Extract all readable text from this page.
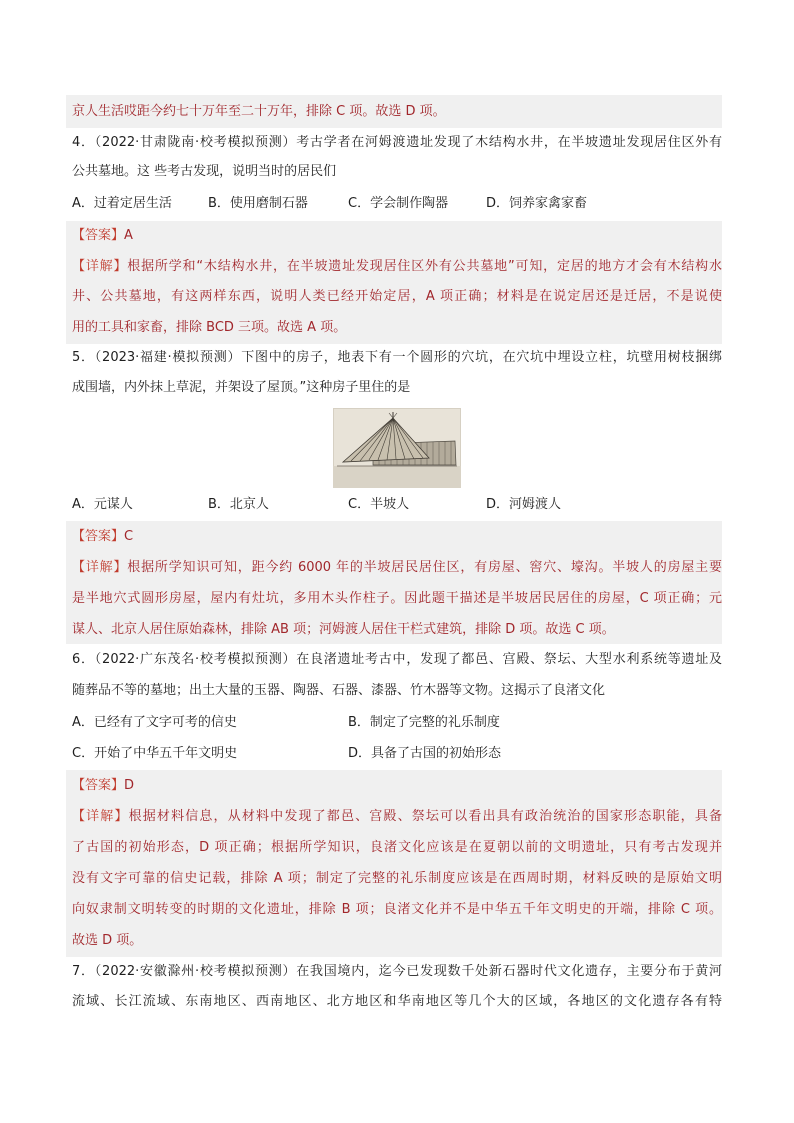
京人生活哎距今约七十万年至二十万年，排除 C 项。故选 D 项。
4．（2022·甘肃陇南·校考模拟预测）考古学者在河姆渡遗址发现了木结构水井，在半坡遗址发现居住区外有
公共墓地。这 些考古发现，说明当时的居民们
A．过着定居生活	B．使用磨制石器	C．学会制作陶器	D．饲养家禽家畜
【答案】A
【详解】根据所学和“木结构水井，在半坡遗址发现居住区外有公共墓地”可知，定居的地方才会有木结构水
井、公共墓地，有这两样东西，说明人类已经开始定居，A 项正确；材料是在说定居还是迁居，不是说使
用的工具和家畜，排除 BCD 三项。故选 A 项。
5．（2023·福建·模拟预测）下图中的房子，地表下有一个圆形的穴坑，在穴坑中埋设立柱，坑壁用树枝捆绑
成围墙，内外抹上草泥，并架设了屋顶。”这种房子里住的是
A．元谋人	B．北京人	C．半坡人	D．河姆渡人
【答案】C
【详解】根据所学知识可知，距今约 6000 年的半坡居民居住区，有房屋、窖穴、壕沟。半坡人的房屋主要
是半地穴式圆形房屋，屋内有灶坑，多用木头作柱子。因此题干描述是半坡居民居住的房屋，C 项正确；元
谋人、北京人居住原始森林，排除 AB 项；河姆渡人居住干栏式建筑，排除 D 项。故选 C 项。
6．（2022·广东茂名·校考模拟预测）在良渚遗址考古中，发现了都邑、宫殿、祭坛、大型水利系统等遗址及
随葬品不等的墓地；出土大量的玉器、陶器、石器、漆器、竹木器等文物。这揭示了良渚文化
A．已经有了文字可考的信史	B．制定了完整的礼乐制度
C．开始了中华五千年文明史	D．具备了古国的初始形态
【答案】D
【详解】根据材料信息，从材料中发现了都邑、宫殿、祭坛可以看出具有政治统治的国家形态职能，具备
了古国的初始形态，D 项正确；根据所学知识，良渚文化应该是在夏朝以前的文明遗址，只有考古发现并
没有文字可靠的信史记载，排除 A 项；制定了完整的礼乐制度应该是在西周时期，材料反映的是原始文明
向奴隶制文明转变的时期的文化遗址，排除 B 项；良渚文化并不是中华五千年文明史的开端，排除 C 项。
故选 D 项。
7．（2022·安徽滁州·校考模拟预测）在我国境内，迄今已发现数千处新石器时代文化遗存，主要分布于黄河
流域、长江流域、东南地区、西南地区、北方地区和华南地区等几个大的区域，各地区的文化遗存各有特
